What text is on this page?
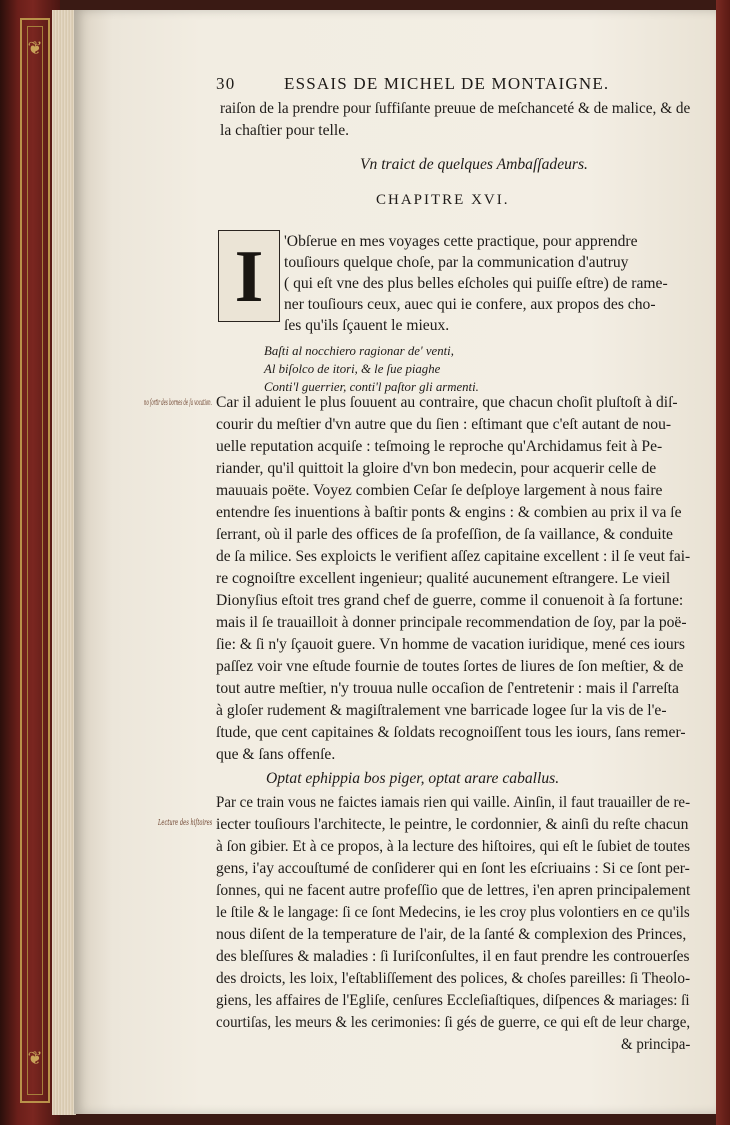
❦
❦
30	ESSAIS DE MICHEL DE MONTAIGNE.
raiſon de la prendre pour ſuffiſante preuue de meſchanceté & de malice, & de
la chaſtier pour telle.
Vn traict de quelques Ambaſſadeurs.
CHAPITRE XVI.
I	'Obſerue en mes voyages cette practique, pour apprendre
touſiours quelque choſe, par la communication d'autruy
( qui eſt vne des plus belles eſcholes qui puiſſe eſtre) de rame-
ner touſiours ceux, auec qui ie confere, aux propos des cho-
ſes qu'ils ſçauent le mieux.
Baſti al nocchiero ragionar de' venti,
Al biſolco de itori, & le ſue piaghe
Conti'l guerrier, conti'l paſtor gli armenti.
no ſortir des bornes de ſa vocation. Car il aduient le plus ſouuent au contraire, que chacun choſit pluſtoſt à diſ-
courir du meſtier d'vn autre que du ſien : eſtimant que c'eſt autant de nou-
uelle reputation acquiſe : teſmoing le reproche qu'Archidamus feit à Pe-
riander, qu'il quittoit la gloire d'vn bon medecin, pour acquerir celle de
mauuais poëte. Voyez combien Ceſar ſe deſploye largement à nous faire
entendre ſes inuentions à baſtir ponts & engins : & combien au prix il va ſe
ſerrant, où il parle des offices de ſa profeſſion, de ſa vaillance, & conduite
de ſa milice. Ses exploicts le verifient aſſez capitaine excellent : il ſe veut fai-
re cognoiſtre excellent ingenieur; qualité aucunement eſtrangere. Le vieil
Dionyſius eſtoit tres grand chef de guerre, comme il conuenoit à ſa fortune:
mais il ſe trauailloit à donner principale recommendation de ſoy, par la poë-
ſie: & ſi n'y ſçauoit guere. Vn homme de vacation iuridique, mené ces iours
paſſez voir vne eſtude fournie de toutes ſortes de liures de ſon meſtier, & de
tout autre meſtier, n'y trouua nulle occaſion de ſ'entretenir : mais il ſ'arreſta
à gloſer rudement & magiſtralement vne barricade logee ſur la vis de l'e-
ſtude, que cent capitaines & ſoldats recognoiſſent tous les iours, ſans remer-
que & ſans offenſe.
Optat ephippia bos piger, optat arare caballus.
Lecture des hiſtoires
Par ce train vous ne faictes iamais rien qui vaille. Ainſin, il faut trauailler de re-
iecter touſiours l'architecte, le peintre, le cordonnier, & ainſi du reſte chacun
à ſon gibier. Et à ce propos, à la lecture des hiſtoires, qui eſt le ſubiet de toutes
gens, i'ay accouſtumé de conſiderer qui en ſont les eſcriuains : Si ce ſont per-
ſonnes, qui ne facent autre profeſſio que de lettres, i'en apren principalement
le ſtile & le langage: ſi ce ſont Medecins, ie les croy plus volontiers en ce qu'ils
nous diſent de la temperature de l'air, de la ſanté & complexion des Princes,
des bleſſures & maladies : ſi Iuriſconſultes, il en faut prendre les controuerſes
des droicts, les loix, l'eſtabliſſement des polices, & choſes pareilles: ſi Theolo-
giens, les affaires de l'Egliſe, cenſures Eccleſiaſtiques, diſpences & mariages: ſi
courtiſas, les meurs & les cerimonies: ſi gés de guerre, ce qui eſt de leur charge,
& principa-
